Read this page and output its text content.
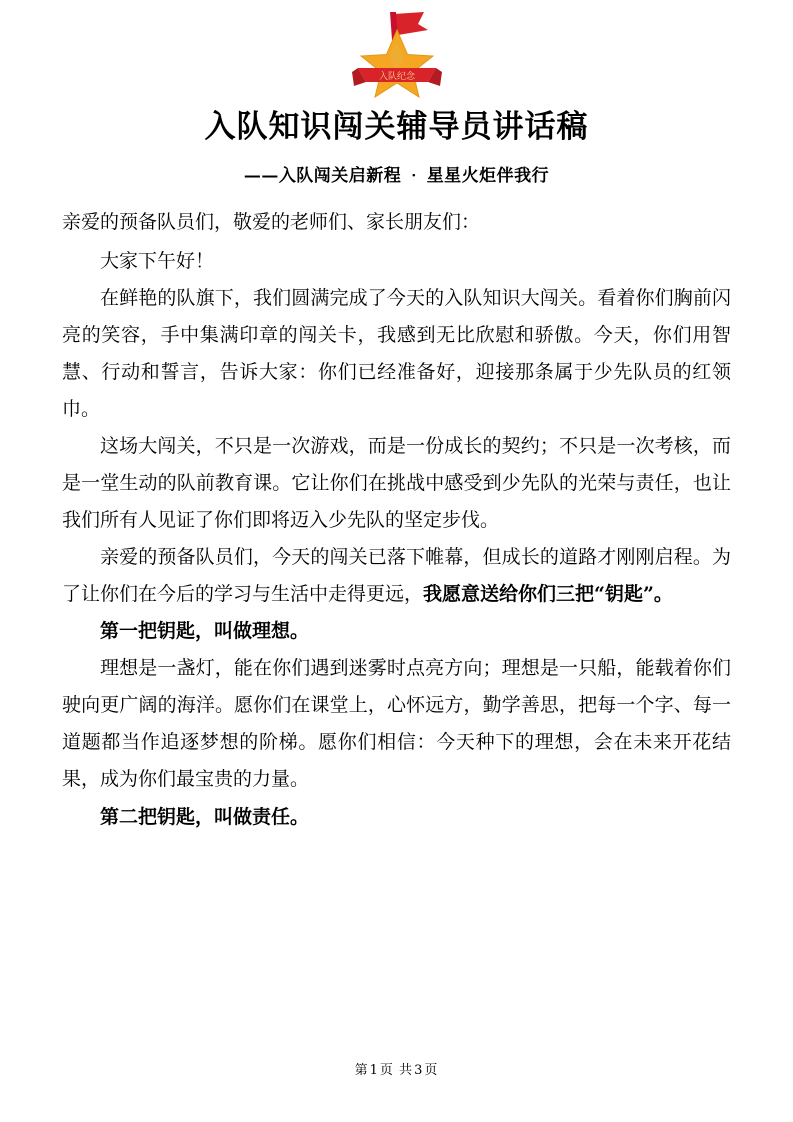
入队纪念
入队知识闯关辅导员讲话稿
——入队闯关启新程 · 星星火炬伴我行
亲爱的预备队员们，敬爱的老师们、家长朋友们：

大家下午好！

在鲜艳的队旗下，我们圆满完成了今天的入队知识大闯关。看着你们胸前闪亮的笑容，手中集满印章的闯关卡，我感到无比欣慰和骄傲。今天，你们用智慧、行动和誓言，告诉大家：你们已经准备好，迎接那条属于少先队员的红领巾。

这场大闯关，不只是一次游戏，而是一份成长的契约；不只是一次考核，而是一堂生动的队前教育课。它让你们在挑战中感受到少先队的光荣与责任，也让我们所有人见证了你们即将迈入少先队的坚定步伐。

亲爱的预备队员们，今天的闯关已落下帷幕，但成长的道路才刚刚启程。为了让你们在今后的学习与生活中走得更远，我愿意送给你们三把“钥匙”。

第一把钥匙，叫做理想。

理想是一盏灯，能在你们遇到迷雾时点亮方向；理想是一只船，能载着你们驶向更广阔的海洋。愿你们在课堂上，心怀远方，勤学善思，把每一个字、每一道题都当作追逐梦想的阶梯。愿你们相信：今天种下的理想，会在未来开花结果，成为你们最宝贵的力量。

第二把钥匙，叫做责任。

第1页 共3页
